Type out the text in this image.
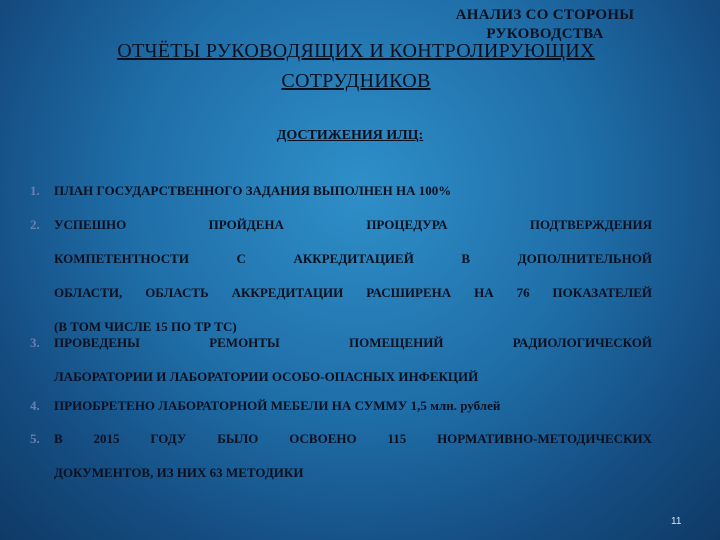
АНАЛИЗ СО СТОРОНЫ РУКОВОДСТВА
ОТЧЁТЫ РУКОВОДЯЩИХ И КОНТРОЛИРУЮЩИХ
СОТРУДНИКОВ
ДОСТИЖЕНИЯ ИЛЦ:
1. ПЛАН ГОСУДАРСТВЕННОГО ЗАДАНИЯ ВЫПОЛНЕН НА 100%
2. УСПЕШНО ПРОЙДЕНА ПРОЦЕДУРА ПОДТВЕРЖДЕНИЯ
КОМПЕТЕНТНОСТИ С АККРЕДИТАЦИЕЙ В ДОПОЛНИТЕЛЬНОЙ
ОБЛАСТИ, ОБЛАСТЬ АККРЕДИТАЦИИ РАСШИРЕНА НА 76 ПОКАЗАТЕЛЕЙ
(В ТОМ ЧИСЛЕ 15 ПО ТР ТС)
3. ПРОВЕДЕНЫ РЕМОНТЫ ПОМЕЩЕНИЙ РАДИОЛОГИЧЕСКОЙ
ЛАБОРАТОРИИ И ЛАБОРАТОРИИ ОСОБО-ОПАСНЫХ ИНФЕКЦИЙ
4. ПРИОБРЕТЕНО ЛАБОРАТОРНОЙ МЕБЕЛИ НА СУММУ 1,5 млн. рублей
5. В 2015 ГОДУ БЫЛО ОСВОЕНО 115 НОРМАТИВНО-МЕТОДИЧЕСКИХ
ДОКУМЕНТОВ, ИЗ НИХ 63 МЕТОДИКИ
11
